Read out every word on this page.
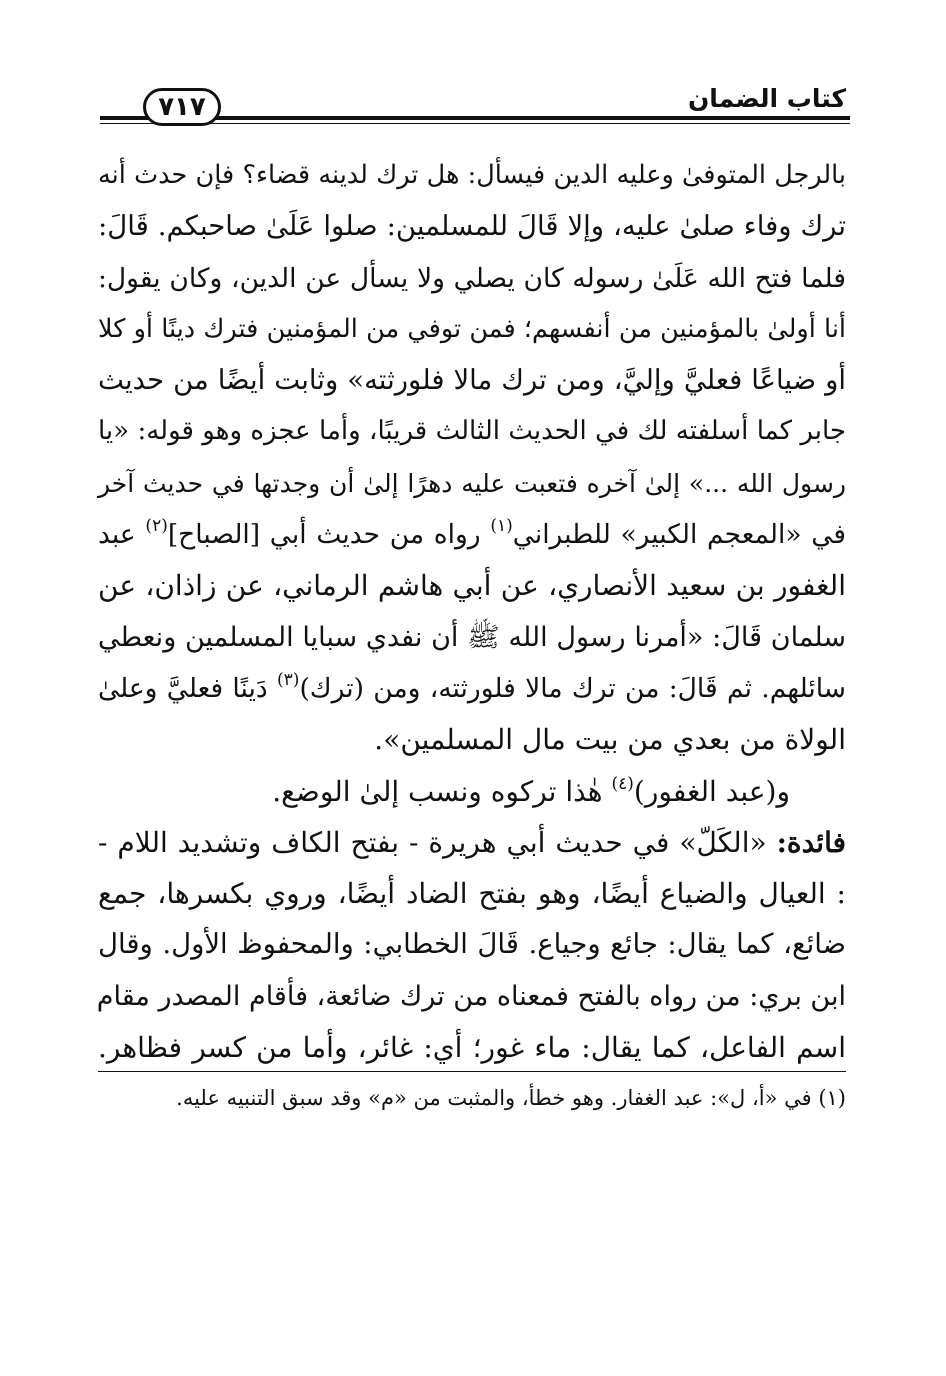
كتاب الضمان
٧١٧
بالرجل المتوفىٰ وعليه الدين فيسأل: هل ترك لدينه قضاء؟ فإن حدث أنه
ترك وفاء صلىٰ عليه، وإلا قَالَ للمسلمين: صلوا عَلَىٰ صاحبكم. قَالَ:
فلما فتح الله عَلَىٰ رسوله كان يصلي ولا يسأل عن الدين، وكان يقول:
أنا أولىٰ بالمؤمنين من أنفسهم؛ فمن توفي من المؤمنين فترك دينًا أو كلا
أو ضياعًا فعليَّ وإليَّ، ومن ترك مالا فلورثته» وثابت أيضًا من حديث
جابر كما أسلفته لك في الحديث الثالث قريبًا، وأما عجزه وهو قوله: «يا
رسول الله ...» إلىٰ آخره فتعبت عليه دهرًا إلىٰ أن وجدتها في حديث آخر
في «المعجم الكبير» للطبراني$^{(١)}$ رواه من حديث أبي [الصباح]$^{(٢)}$ عبد
الغفور بن سعيد الأنصاري، عن أبي هاشم الرماني، عن زاذان، عن
سلمان قَالَ: «أمرنا رسول الله ﷺ أن نفدي سبايا المسلمين ونعطي
سائلهم. ثم قَالَ: من ترك مالا فلورثته، ومن (ترك)$^{(٣)}$ دَينًا فعليَّ وعلىٰ
الولاة من بعدي من بيت مال المسلمين».
و(عبد الغفور)$^{(٤)}$ هٰذا تركوه ونسب إلىٰ الوضع.
فائدة: «الكَلّ» في حديث أبي هريرة - بفتح الكاف وتشديد اللام -
: العيال والضياع أيضًا، وهو بفتح الضاد أيضًا، وروي بكسرها، جمع
ضائع، كما يقال: جائع وجياع. قَالَ الخطابي: والمحفوظ الأول. وقال
ابن بري: من رواه بالفتح فمعناه من ترك ضائعة، فأقام المصدر مقام
اسم الفاعل، كما يقال: ماء غور؛ أي: غائر، وأما من كسر فظاهر.
(١) في «أ، ل»: عبد الغفار. وهو خطأ، والمثبت من «م» وقد سبق التنبيه عليه.
